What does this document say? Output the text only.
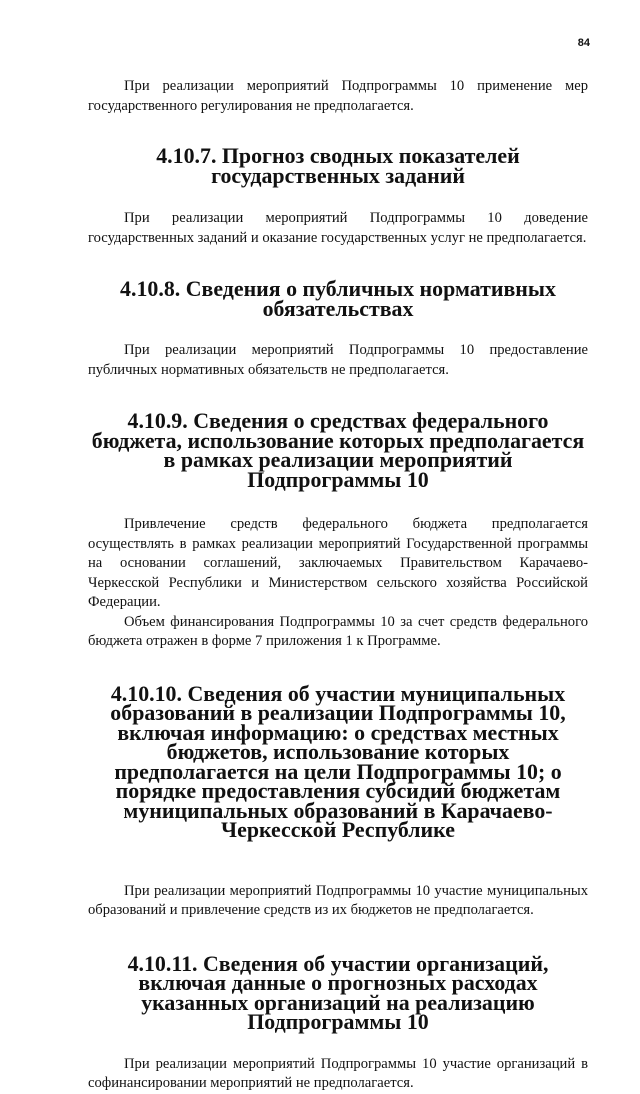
84

При реализации мероприятий Подпрограммы 10 применение мер государственного регулирования не предполагается.

4.10.7. Прогноз сводных показателей государственных заданий

При реализации мероприятий Подпрограммы 10 доведение государственных заданий и оказание государственных услуг не предполагается.

4.10.8. Сведения о публичных нормативных обязательствах

При реализации мероприятий Подпрограммы 10 предоставление публичных нормативных обязательств не предполагается.

4.10.9. Сведения о средствах федерального бюджета, использование которых предполагается в рамках реализации мероприятий Подпрограммы 10

Привлечение средств федерального бюджета предполагается осуществлять в рамках реализации мероприятий Государственной программы на основании соглашений, заключаемых Правительством Карачаево-Черкесской Республики и Министерством сельского хозяйства Российской Федерации.

Объем финансирования Подпрограммы 10 за счет средств федерального бюджета отражен в форме 7 приложения 1 к Программе.

4.10.10. Сведения об участии муниципальных образований в реализации Подпрограммы 10, включая информацию: о средствах местных бюджетов, использование которых предполагается на цели Подпрограммы 10; о порядке предоставления субсидий бюджетам муниципальных образований в Карачаево-Черкесской Республике

При реализации мероприятий Подпрограммы 10 участие муниципальных образований и привлечение средств из их бюджетов не предполагается.

4.10.11. Сведения об участии организаций, включая данные о прогнозных расходах указанных организаций на реализацию Подпрограммы 10

При реализации мероприятий Подпрограммы 10 участие организаций в софинансировании мероприятий не предполагается.
